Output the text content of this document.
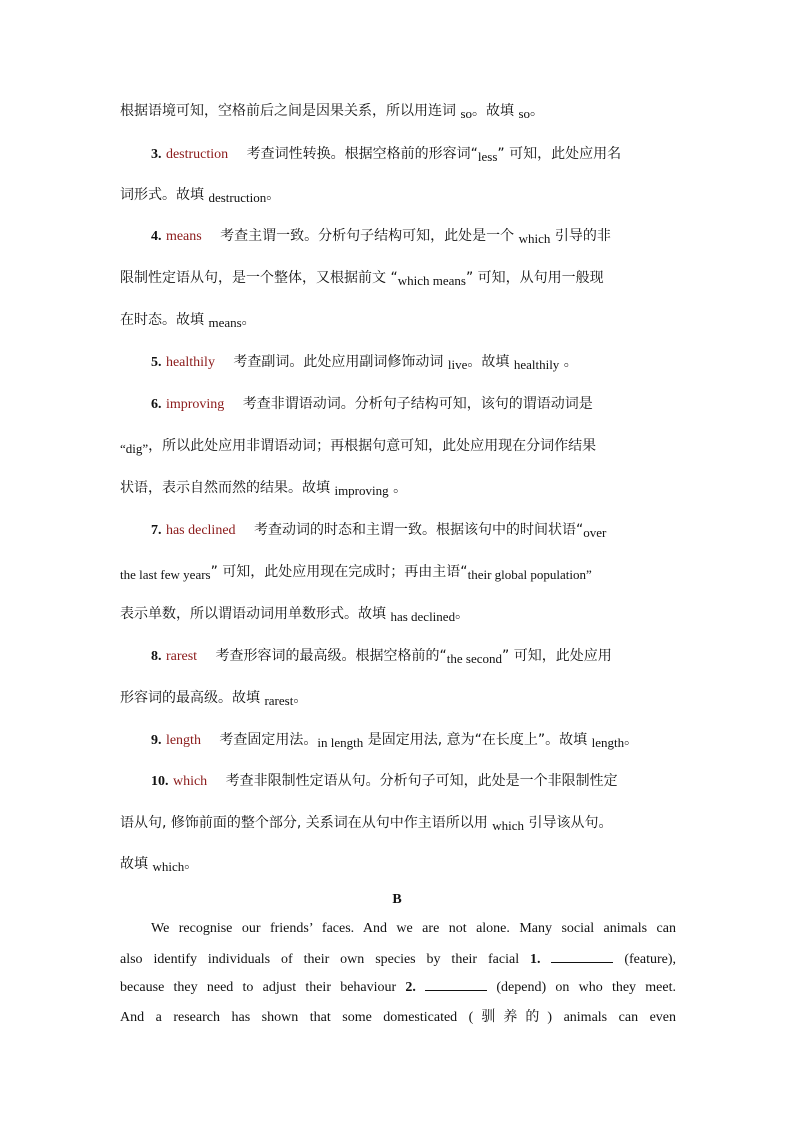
根据语境可知，空格前后之间是因果关系，所以用连词 so。故填 so。
3. destruction 考查词性转换。根据空格前的形容词“less” 可知，此处应用名
词形式。故填 destruction。
4. means 考查主谓一致。分析句子结构可知，此处是一个 which 引导的非
限制性定语从句，是一个整体，又根据前文 “which means” 可知，从句用一般现
在时态。故填 means。
5. healthily 考查副词。此处应用副词修饰动词 live。故填 healthily 。
6. improving 考查非谓语动词。分析句子结构可知，该句的谓语动词是
“dig”，所以此处应用非谓语动词；再根据句意可知，此处应用现在分词作结果
状语，表示自然而然的结果。故填 improving 。
7. has declined 考查动词的时态和主谓一致。根据该句中的时间状语“over
the last few years” 可知，此处应用现在完成时；再由主语“their global population”
表示单数，所以谓语动词用单数形式。故填 has declined。
8. rarest 考查形容词的最高级。根据空格前的“the second” 可知，此处应用
形容词的最高级。故填 rarest。
9. length 考查固定用法。in length 是固定用法, 意为“在长度上”。故填 length。
10. which 考查非限制性定语从句。分析句子可知，此处是一个非限制性定
语从句, 修饰前面的整个部分, 关系词在从句中作主语所以用 which 引导该从句。
故填 which。
B
We recognise our friends’ faces. And we are not alone. Many social animals can
also identify individuals of their own species by their facial 1.	(feature),
because they need to adjust their behaviour 2.	(depend) on who they meet.
And a research has shown that some domesticated (驯养的) animals can even
